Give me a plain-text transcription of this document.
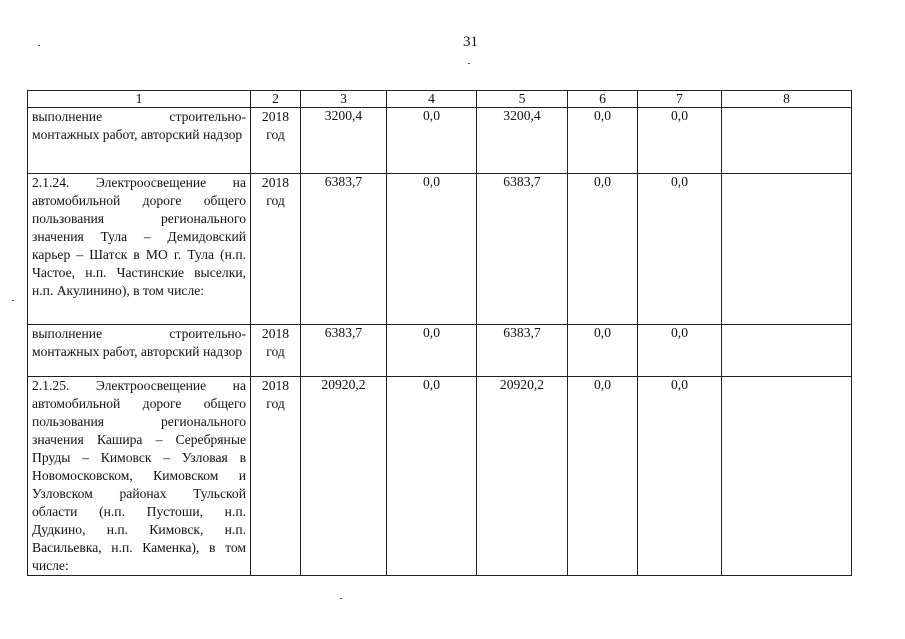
31
1	2	3	4	5	6	7	8
выполнение строительно-монтажных работ, авторский надзор	2018 год	3200,4	0,0	3200,4	0,0	0,0	
2.1.24. Электроосвещение на автомобильной дороге общего пользования регионального значения Тула – Демидовский карьер – Шатск в МО г. Тула (н.п. Частое, н.п. Частинские выселки, н.п. Акулинино), в том числе:	2018 год	6383,7	0,0	6383,7	0,0	0,0	
выполнение строительно-монтажных работ, авторский надзор	2018 год	6383,7	0,0	6383,7	0,0	0,0	
2.1.25. Электроосвещение на автомобильной дороге общего пользования регионального значения Кашира – Серебряные Пруды – Кимовск – Узловая в Новомосковском, Кимовском и Узловском районах Тульской области (н.п. Пустоши, н.п. Дудкино, н.п. Кимовск, н.п. Васильевка, н.п. Каменка), в том числе:	2018 год	20920,2	0,0	20920,2	0,0	0,0	
